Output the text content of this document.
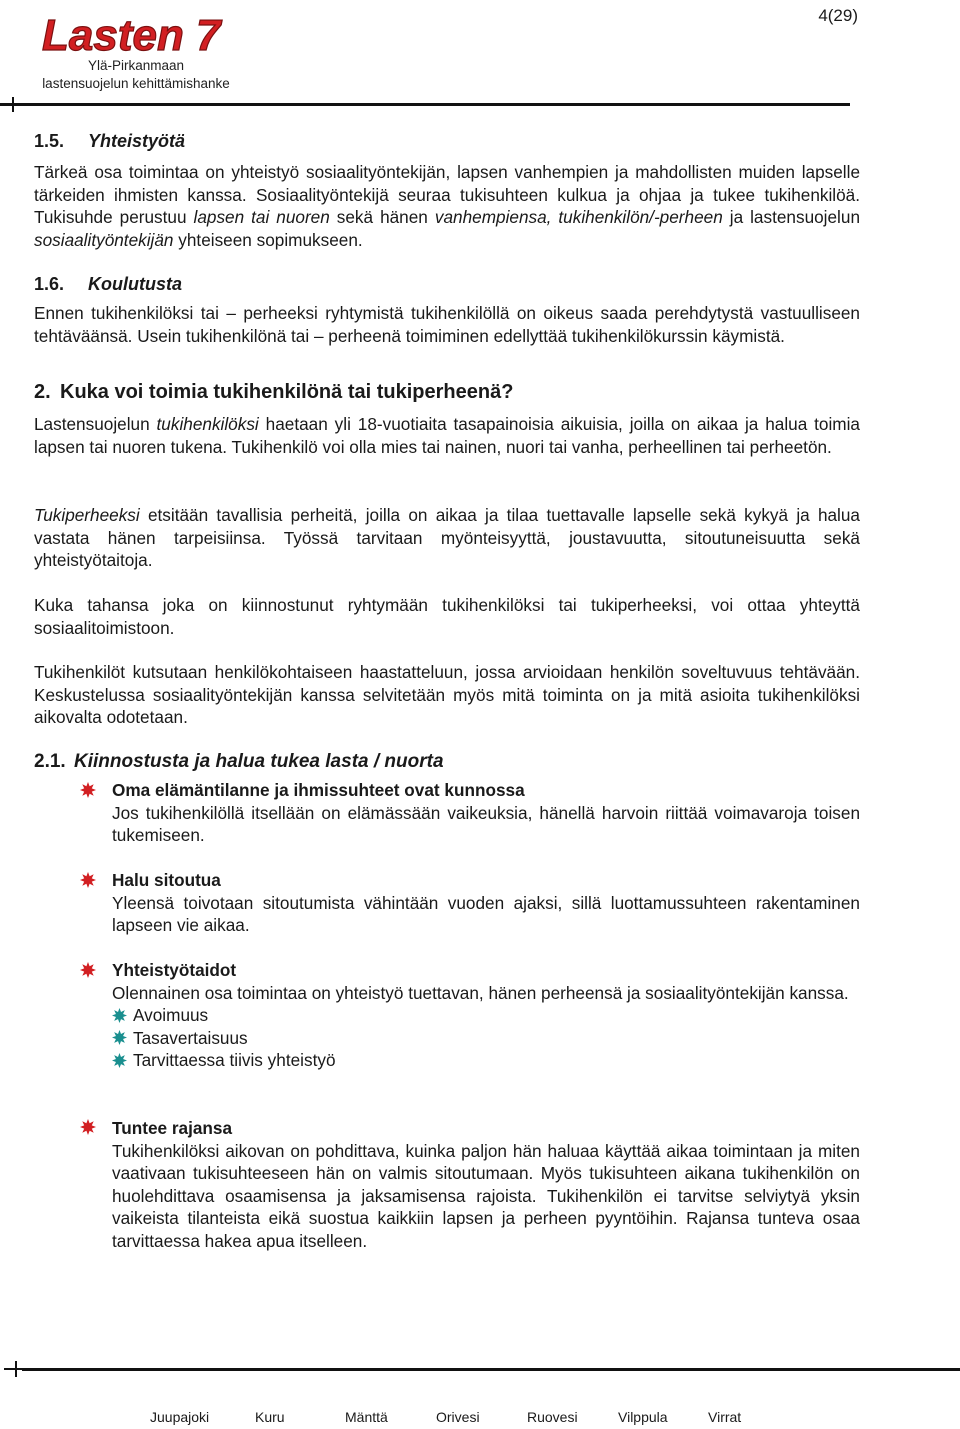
Lasten 7
Ylä-Pirkanmaan
lastensuojelun kehittämishanke
4(29)
1.5. Yhteistyötä

Tärkeä osa toimintaa on yhteistyö sosiaalityöntekijän, lapsen vanhempien ja mahdollisten muiden lapselle tärkeiden ihmisten kanssa. Sosiaalityöntekijä seuraa tukisuhteen kulkua ja ohjaa ja tukee tukihenkilöä. Tukisuhde perustuu lapsen tai nuoren sekä hänen vanhempiensa, tukihenkilön/-perheen ja lastensuojelun sosiaalityöntekijän yhteiseen sopimukseen.

1.6. Koulutusta

Ennen tukihenkilöksi tai – perheeksi ryhtymistä tukihenkilöllä on oikeus saada perehdytystä vastuulliseen tehtäväänsä. Usein tukihenkilönä tai – perheenä toimiminen edellyttää tukihenkilökurssin käymistä.

2. Kuka voi toimia tukihenkilönä tai tukiperheenä?

Lastensuojelun tukihenkilöksi haetaan yli 18-vuotiaita tasapainoisia aikuisia, joilla on aikaa ja halua toimia lapsen tai nuoren tukena. Tukihenkilö voi olla mies tai nainen, nuori tai vanha, perheellinen tai perheetön.

Tukiperheeksi etsitään tavallisia perheitä, joilla on aikaa ja tilaa tuettavalle lapselle sekä kykyä ja halua vastata hänen tarpeisiinsa. Työssä tarvitaan myönteisyyttä, joustavuutta, sitoutuneisuutta sekä yhteistyötaitoja.

Kuka tahansa joka on kiinnostunut ryhtymään tukihenkilöksi tai tukiperheeksi, voi ottaa yhteyttä sosiaalitoimistoon.

Tukihenkilöt kutsutaan henkilökohtaiseen haastatteluun, jossa arvioidaan henkilön soveltuvuus tehtävään. Keskustelussa sosiaalityöntekijän kanssa selvitetään myös mitä toiminta on ja mitä asioita tukihenkilöksi aikovalta odotetaan.

2.1. Kiinnostusta ja halua tukea lasta / nuorta
Oma elämäntilanne ja ihmissuhteet ovat kunnossa
Jos tukihenkilöllä itsellään on elämässään vaikeuksia, hänellä harvoin riittää voimavaroja toisen tukemiseen.
Halu sitoutua
Yleensä toivotaan sitoutumista vähintään vuoden ajaksi, sillä luottamussuhteen rakentaminen lapseen vie aikaa.
Yhteistyötaidot
Olennainen osa toimintaa on yhteistyö tuettavan, hänen perheensä ja sosiaalityöntekijän kanssa.
Avoimuus
Tasavertaisuus
Tarvittaessa tiivis yhteistyö
Tuntee rajansa
Tukihenkilöksi aikovan on pohdittava, kuinka paljon hän haluaa käyttää aikaa toimintaan ja miten vaativaan tukisuhteeseen hän on valmis sitoutumaan. Myös tukisuhteen aikana tukihenkilön on huolehdittava osaamisensa ja jaksamisensa rajoista. Tukihenkilön ei tarvitse selviytyä yksin vaikeista tilanteista eikä suostua kaikkiin lapsen ja perheen pyyntöihin. Rajansa tunteva osaa tarvittaessa hakea apua itselleen.
Juupajoki	Kuru	Mänttä	Orivesi	Ruovesi	Vilppula	Virrat
